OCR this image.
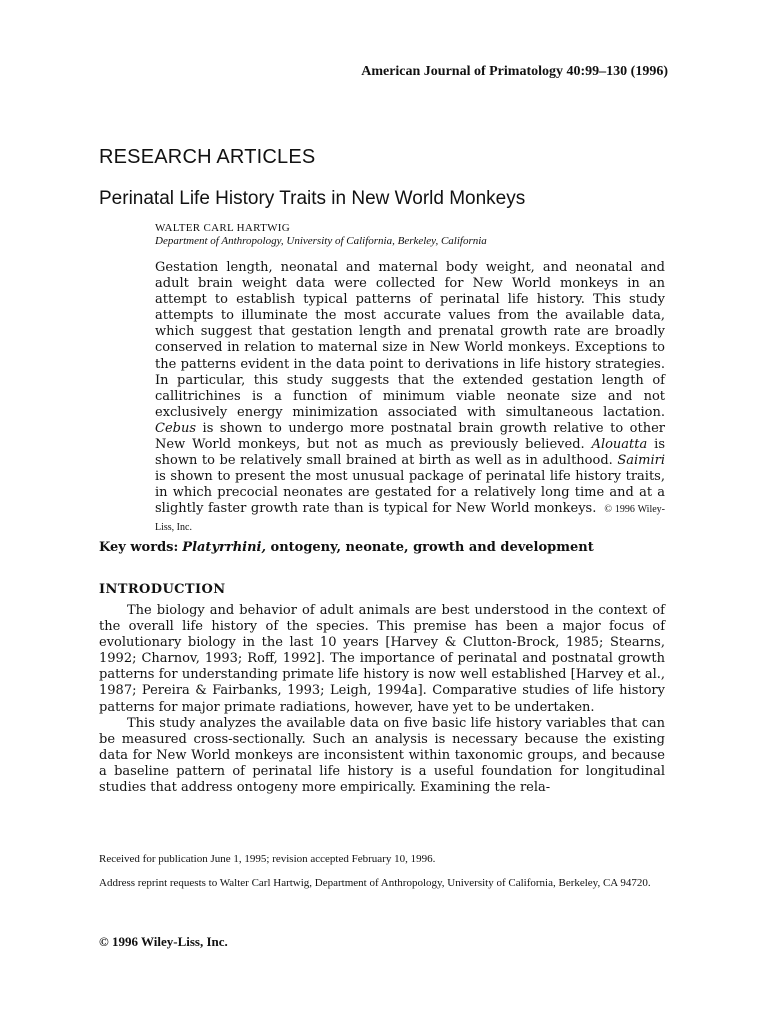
American Journal of Primatology 40:99–130 (1996)

RESEARCH ARTICLES
Perinatal Life History Traits in New World Monkeys

WALTER CARL HARTWIG

Department of Anthropology, University of California, Berkeley, California

Gestation length, neonatal and maternal body weight, and neonatal and adult brain weight data were collected for New World monkeys in an attempt to establish typical patterns of perinatal life history. This study attempts to illuminate the most accurate values from the available data, which suggest that gestation length and prenatal growth rate are broadly conserved in relation to maternal size in New World monkeys. Exceptions to the patterns evident in the data point to derivations in life history strategies. In particular, this study suggests that the extended gestation length of callitrichines is a function of minimum viable neonate size and not exclusively energy minimization associated with simultaneous lactation. Cebus is shown to undergo more postnatal brain growth relative to other New World monkeys, but not as much as previously believed. Alouatta is shown to be relatively small brained at birth as well as in adulthood. Saimiri is shown to present the most unusual package of perinatal life history traits, in which precocial neonates are gestated for a relatively long time and at a slightly faster growth rate than is typical for New World monkeys. © 1996 Wiley-Liss, Inc.

Key words: Platyrrhini, ontogeny, neonate, growth and development

INTRODUCTION

The biology and behavior of adult animals are best understood in the context of the overall life history of the species. This premise has been a major focus of evolutionary biology in the last 10 years [Harvey & Clutton-Brock, 1985; Stearns, 1992; Charnov, 1993; Roff, 1992]. The importance of perinatal and postnatal growth patterns for understanding primate life history is now well established [Harvey et al., 1987; Pereira & Fairbanks, 1993; Leigh, 1994a]. Comparative studies of life history patterns for major primate radiations, however, have yet to be undertaken.

This study analyzes the available data on five basic life history variables that can be measured cross-sectionally. Such an analysis is necessary because the existing data for New World monkeys are inconsistent within taxonomic groups, and because a baseline pattern of perinatal life history is a useful foundation for longitudinal studies that address ontogeny more empirically. Examining the rela-

Received for publication June 1, 1995; revision accepted February 10, 1996.

Address reprint requests to Walter Carl Hartwig, Department of Anthropology, University of California, Berkeley, CA 94720.

© 1996 Wiley-Liss, Inc.
